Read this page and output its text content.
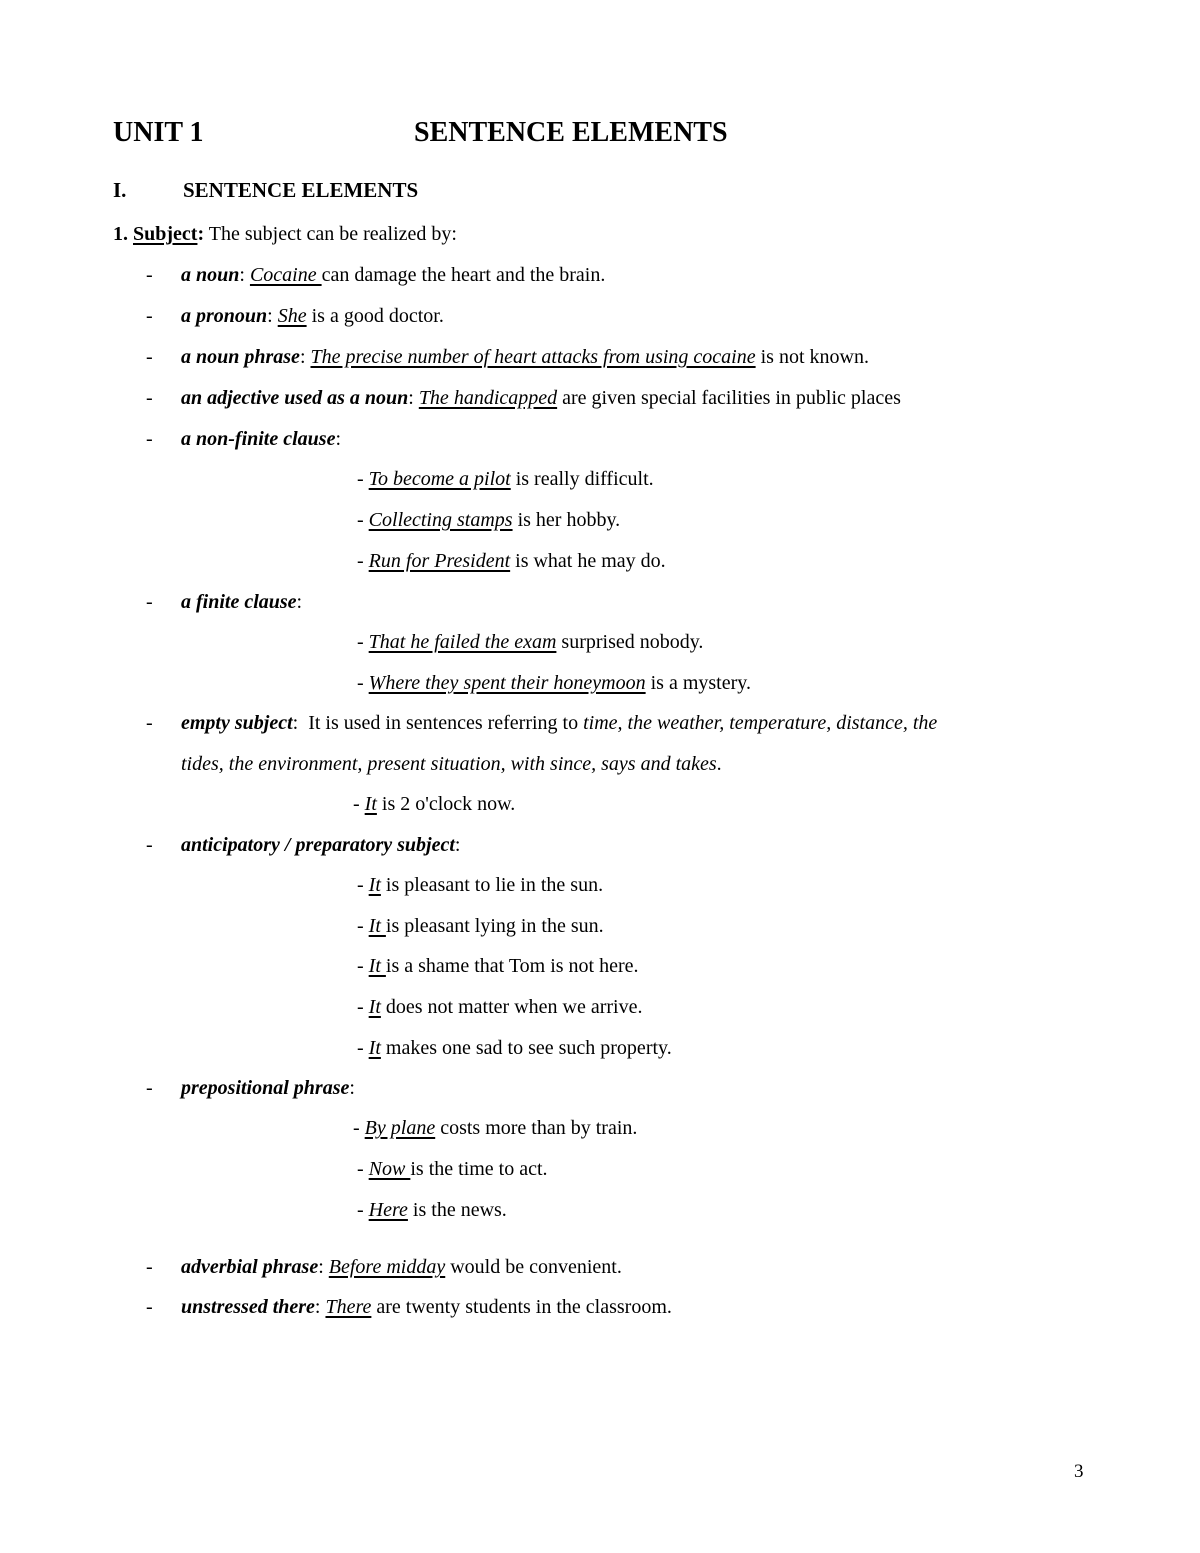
UNIT 1	SENTENCE ELEMENTS
I.	SENTENCE ELEMENTS
1. Subject: The subject can be realized by:
- a noun: Cocaine can damage the heart and the brain.
- a pronoun: She is a good doctor.
- a noun phrase: The precise number of heart attacks from using cocaine is not known.
- an adjective used as a noun: The handicapped are given special facilities in public places
- a non-finite clause:
- To become a pilot is really difficult.
- Collecting stamps is her hobby.
- Run for President is what he may do.
- a finite clause:
- That he failed the exam surprised nobody.
- Where they spent their honeymoon is a mystery.
- empty subject:  It is used in sentences referring to time, the weather, temperature, distance, the
tides, the environment, present situation, with since, says and takes.
- It is 2 o'clock now.
- anticipatory / preparatory subject:
- It is pleasant to lie in the sun.
- It is pleasant lying in the sun.
- It is a shame that Tom is not here.
- It does not matter when we arrive.
- It makes one sad to see such property.
- prepositional phrase:
- By plane costs more than by train.
- Now is the time to act.
- Here is the news.
- adverbial phrase: Before midday would be convenient.
- unstressed there: There are twenty students in the classroom.
3
